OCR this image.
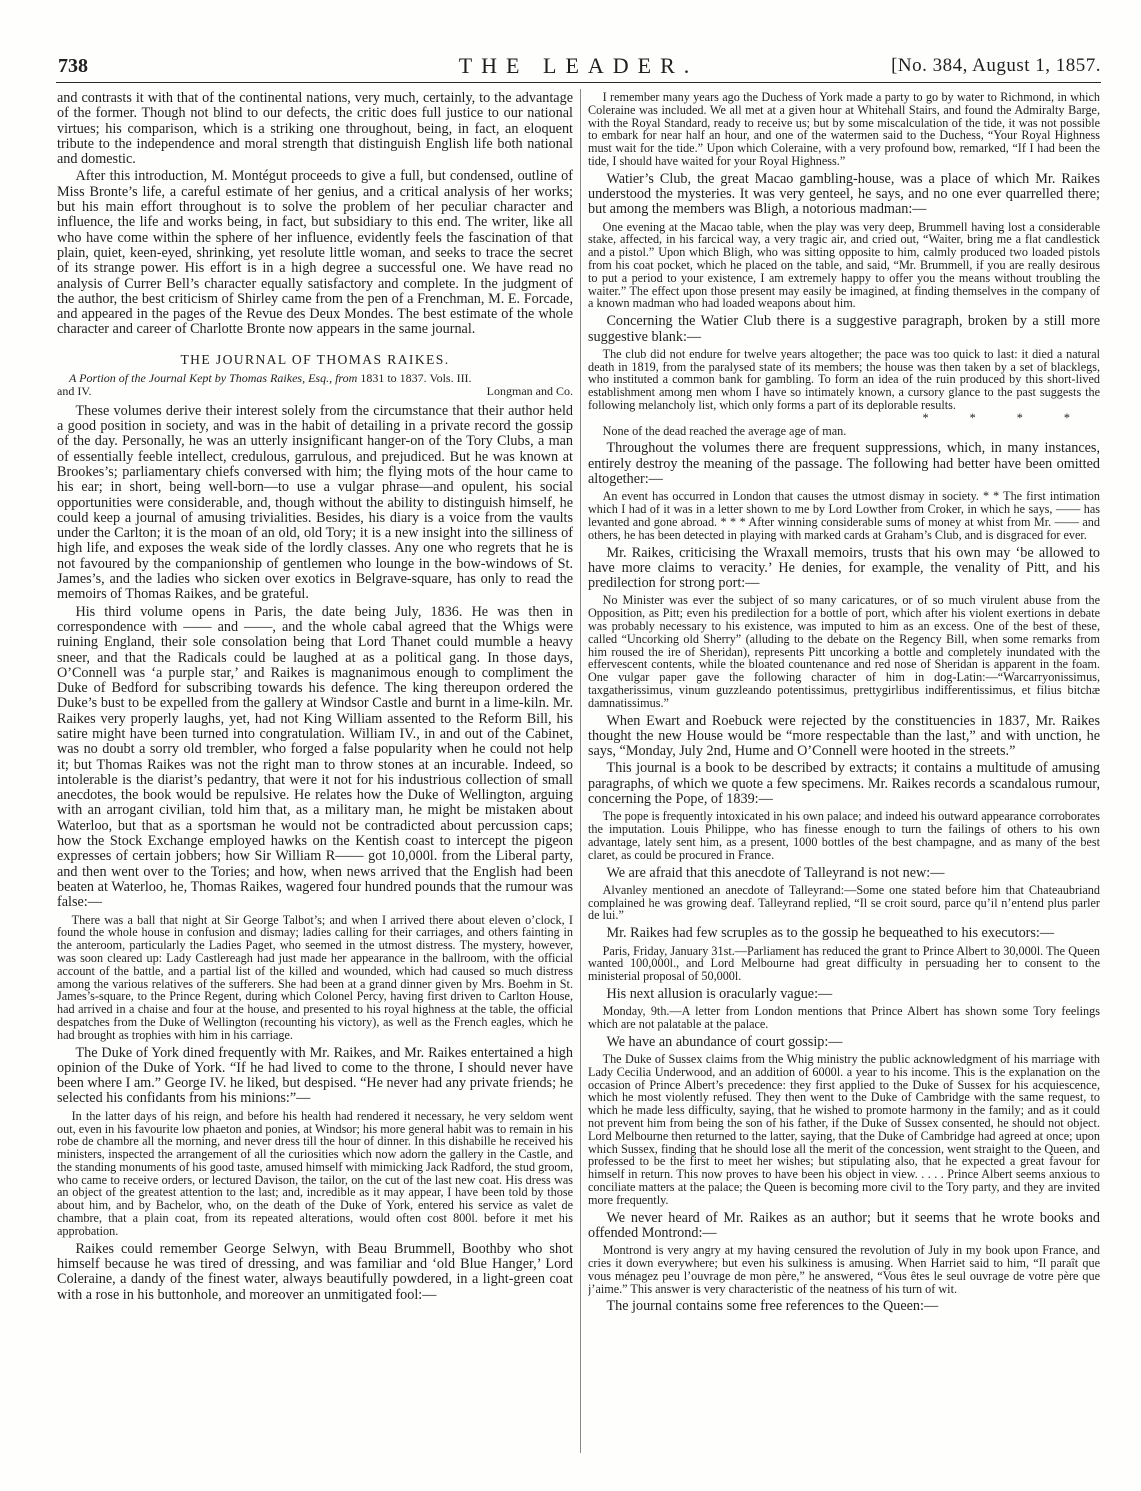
738	THE LEADER.	[No. 384, August 1, 1857.

and contrasts it with that of the continental nations, very much, certainly, to the advantage of the former. Though not blind to our defects, the critic does full justice to our national virtues; his comparison, which is a striking one throughout, being, in fact, an eloquent tribute to the independence and moral strength that distinguish English life both national and domestic.

After this introduction, M. Montégut proceeds to give a full, but condensed, outline of Miss Bronte’s life, a careful estimate of her genius, and a critical analysis of her works; but his main effort throughout is to solve the problem of her peculiar character and influence, the life and works being, in fact, but subsidiary to this end. The writer, like all who have come within the sphere of her influence, evidently feels the fascination of that plain, quiet, keen-eyed, shrinking, yet resolute little woman, and seeks to trace the secret of its strange power. His effort is in a high degree a successful one. We have read no analysis of Currer Bell’s character equally satisfactory and complete. In the judgment of the author, the best criticism of Shirley came from the pen of a Frenchman, M. E. Forcade, and appeared in the pages of the Revue des Deux Mondes. The best estimate of the whole character and career of Charlotte Bronte now appears in the same journal.

THE JOURNAL OF THOMAS RAIKES.
A Portion of the Journal Kept by Thomas Raikes, Esq., from 1831 to 1837. Vols. III.
and IV.	Longman and Co.

These volumes derive their interest solely from the circumstance that their author held a good position in society, and was in the habit of detailing in a private record the gossip of the day. Personally, he was an utterly insignificant hanger-on of the Tory Clubs, a man of essentially feeble intellect, credulous, garrulous, and prejudiced. But he was known at Brookes’s; parliamentary chiefs conversed with him; the flying mots of the hour came to his ear; in short, being well-born—to use a vulgar phrase—and opulent, his social opportunities were considerable, and, though without the ability to distinguish himself, he could keep a journal of amusing trivialities. Besides, his diary is a voice from the vaults under the Carlton; it is the moan of an old, old Tory; it is a new insight into the silliness of high life, and exposes the weak side of the lordly classes. Any one who regrets that he is not favoured by the companionship of gentlemen who lounge in the bow-windows of St. James’s, and the ladies who sicken over exotics in Belgrave-square, has only to read the memoirs of Thomas Raikes, and be grateful.

His third volume opens in Paris, the date being July, 1836. He was then in correspondence with —— and ——, and the whole cabal agreed that the Whigs were ruining England, their sole consolation being that Lord Thanet could mumble a heavy sneer, and that the Radicals could be laughed at as a political gang. In those days, O’Connell was ‘a purple star,’ and Raikes is magnanimous enough to compliment the Duke of Bedford for subscribing towards his defence. The king thereupon ordered the Duke’s bust to be expelled from the gallery at Windsor Castle and burnt in a lime-kiln. Mr. Raikes very properly laughs, yet, had not King William assented to the Reform Bill, his satire might have been turned into congratulation. William IV., in and out of the Cabinet, was no doubt a sorry old trembler, who forged a false popularity when he could not help it; but Thomas Raikes was not the right man to throw stones at an incurable. Indeed, so intolerable is the diarist’s pedantry, that were it not for his industrious collection of small anecdotes, the book would be repulsive. He relates how the Duke of Wellington, arguing with an arrogant civilian, told him that, as a military man, he might be mistaken about Waterloo, but that as a sportsman he would not be contradicted about percussion caps; how the Stock Exchange employed hawks on the Kentish coast to intercept the pigeon expresses of certain jobbers; how Sir William R—— got 10,000l. from the Liberal party, and then went over to the Tories; and how, when news arrived that the English had been beaten at Waterloo, he, Thomas Raikes, wagered four hundred pounds that the rumour was false:—

There was a ball that night at Sir George Talbot’s; and when I arrived there about eleven o’clock, I found the whole house in confusion and dismay; ladies calling for their carriages, and others fainting in the anteroom, particularly the Ladies Paget, who seemed in the utmost distress. The mystery, however, was soon cleared up: Lady Castlereagh had just made her appearance in the ballroom, with the official account of the battle, and a partial list of the killed and wounded, which had caused so much distress among the various relatives of the sufferers. She had been at a grand dinner given by Mrs. Boehm in St. James’s-square, to the Prince Regent, during which Colonel Percy, having first driven to Carlton House, had arrived in a chaise and four at the house, and presented to his royal highness at the table, the official despatches from the Duke of Wellington (recounting his victory), as well as the French eagles, which he had brought as trophies with him in his carriage.

The Duke of York dined frequently with Mr. Raikes, and Mr. Raikes entertained a high opinion of the Duke of York. “If he had lived to come to the throne, I should never have been where I am.” George IV. he liked, but despised. “He never had any private friends; he selected his confidants from his minions:”—

In the latter days of his reign, and before his health had rendered it necessary, he very seldom went out, even in his favourite low phaeton and ponies, at Windsor; his more general habit was to remain in his robe de chambre all the morning, and never dress till the hour of dinner. In this dishabille he received his ministers, inspected the arrangement of all the curiosities which now adorn the gallery in the Castle, and the standing monuments of his good taste, amused himself with mimicking Jack Radford, the stud groom, who came to receive orders, or lectured Davison, the tailor, on the cut of the last new coat. His dress was an object of the greatest attention to the last; and, incredible as it may appear, I have been told by those about him, and by Bachelor, who, on the death of the Duke of York, entered his service as valet de chambre, that a plain coat, from its repeated alterations, would often cost 800l. before it met his approbation.

Raikes could remember George Selwyn, with Beau Brummell, Boothby who shot himself because he was tired of dressing, and was familiar and ‘old Blue Hanger,’ Lord Coleraine, a dandy of the finest water, always beautifully powdered, in a light-green coat with a rose in his buttonhole, and moreover an unmitigated fool:—

I remember many years ago the Duchess of York made a party to go by water to Richmond, in which Coleraine was included. We all met at a given hour at Whitehall Stairs, and found the Admiralty Barge, with the Royal Standard, ready to receive us; but by some miscalculation of the tide, it was not possible to embark for near half an hour, and one of the watermen said to the Duchess, “Your Royal Highness must wait for the tide.” Upon which Coleraine, with a very profound bow, remarked, “If I had been the tide, I should have waited for your Royal Highness.”

Watier’s Club, the great Macao gambling-house, was a place of which Mr. Raikes understood the mysteries. It was very genteel, he says, and no one ever quarrelled there; but among the members was Bligh, a notorious madman:—

One evening at the Macao table, when the play was very deep, Brummell having lost a considerable stake, affected, in his farcical way, a very tragic air, and cried out, “Waiter, bring me a flat candlestick and a pistol.” Upon which Bligh, who was sitting opposite to him, calmly produced two loaded pistols from his coat pocket, which he placed on the table, and said, “Mr. Brummell, if you are really desirous to put a period to your existence, I am extremely happy to offer you the means without troubling the waiter.” The effect upon those present may easily be imagined, at finding themselves in the company of a known madman who had loaded weapons about him.

Concerning the Watier Club there is a suggestive paragraph, broken by a still more suggestive blank:—

The club did not endure for twelve years altogether; the pace was too quick to last: it died a natural death in 1819, from the paralysed state of its members; the house was then taken by a set of blacklegs, who instituted a common bank for gambling. To form an idea of the ruin produced by this short-lived establishment among men whom I have so intimately known, a cursory glance to the past suggests the following melancholy list, which only forms a part of its deplorable results.

* * * *

None of the dead reached the average age of man.

Throughout the volumes there are frequent suppressions, which, in many instances, entirely destroy the meaning of the passage. The following had better have been omitted altogether:—

An event has occurred in London that causes the utmost dismay in society. * * The first intimation which I had of it was in a letter shown to me by Lord Lowther from Croker, in which he says, —— has levanted and gone abroad. * * * After winning considerable sums of money at whist from Mr. —— and others, he has been detected in playing with marked cards at Graham’s Club, and is disgraced for ever.

Mr. Raikes, criticising the Wraxall memoirs, trusts that his own may ‘be allowed to have more claims to veracity.’ He denies, for example, the venality of Pitt, and his predilection for strong port:—

No Minister was ever the subject of so many caricatures, or of so much virulent abuse from the Opposition, as Pitt; even his predilection for a bottle of port, which after his violent exertions in debate was probably necessary to his existence, was imputed to him as an excess. One of the best of these, called “Uncorking old Sherry” (alluding to the debate on the Regency Bill, when some remarks from him roused the ire of Sheridan), represents Pitt uncorking a bottle and completely inundated with the effervescent contents, while the bloated countenance and red nose of Sheridan is apparent in the foam. One vulgar paper gave the following character of him in dog-Latin:—“Warcarryonissimus, taxgatherissimus, vinum guzzleando potentissimus, prettygirlibus indifferentissimus, et filius bitchæ damnatissimus.”

When Ewart and Roebuck were rejected by the constituencies in 1837, Mr. Raikes thought the new House would be “more respectable than the last,” and with unction, he says, “Monday, July 2nd, Hume and O’Connell were hooted in the streets.”

This journal is a book to be described by extracts; it contains a multitude of amusing paragraphs, of which we quote a few specimens. Mr. Raikes records a scandalous rumour, concerning the Pope, of 1839:—

The pope is frequently intoxicated in his own palace; and indeed his outward appearance corroborates the imputation. Louis Philippe, who has finesse enough to turn the failings of others to his own advantage, lately sent him, as a present, 1000 bottles of the best champagne, and as many of the best claret, as could be procured in France.

We are afraid that this anecdote of Talleyrand is not new:—

Alvanley mentioned an anecdote of Talleyrand:—Some one stated before him that Chateaubriand complained he was growing deaf. Talleyrand replied, “Il se croit sourd, parce qu’il n’entend plus parler de lui.”

Mr. Raikes had few scruples as to the gossip he bequeathed to his executors:—

Paris, Friday, January 31st.—Parliament has reduced the grant to Prince Albert to 30,000l. The Queen wanted 100,000l., and Lord Melbourne had great difficulty in persuading her to consent to the ministerial proposal of 50,000l.

His next allusion is oracularly vague:—

Monday, 9th.—A letter from London mentions that Prince Albert has shown some Tory feelings which are not palatable at the palace.

We have an abundance of court gossip:—

The Duke of Sussex claims from the Whig ministry the public acknowledgment of his marriage with Lady Cecilia Underwood, and an addition of 6000l. a year to his income. This is the explanation on the occasion of Prince Albert’s precedence: they first applied to the Duke of Sussex for his acquiescence, which he most violently refused. They then went to the Duke of Cambridge with the same request, to which he made less difficulty, saying, that he wished to promote harmony in the family; and as it could not prevent him from being the son of his father, if the Duke of Sussex consented, he should not object. Lord Melbourne then returned to the latter, saying, that the Duke of Cambridge had agreed at once; upon which Sussex, finding that he should lose all the merit of the concession, went straight to the Queen, and professed to be the first to meet her wishes; but stipulating also, that he expected a great favour for himself in return. This now proves to have been his object in view. . . . . Prince Albert seems anxious to conciliate matters at the palace; the Queen is becoming more civil to the Tory party, and they are invited more frequently.

We never heard of Mr. Raikes as an author; but it seems that he wrote books and offended Montrond:—

Montrond is very angry at my having censured the revolution of July in my book upon France, and cries it down everywhere; but even his sulkiness is amusing. When Harriet said to him, “Il paraît que vous ménagez peu l’ouvrage de mon père,” he answered, “Vous êtes le seul ouvrage de votre père que j’aime.” This answer is very characteristic of the neatness of his turn of wit.

The journal contains some free references to the Queen:—
